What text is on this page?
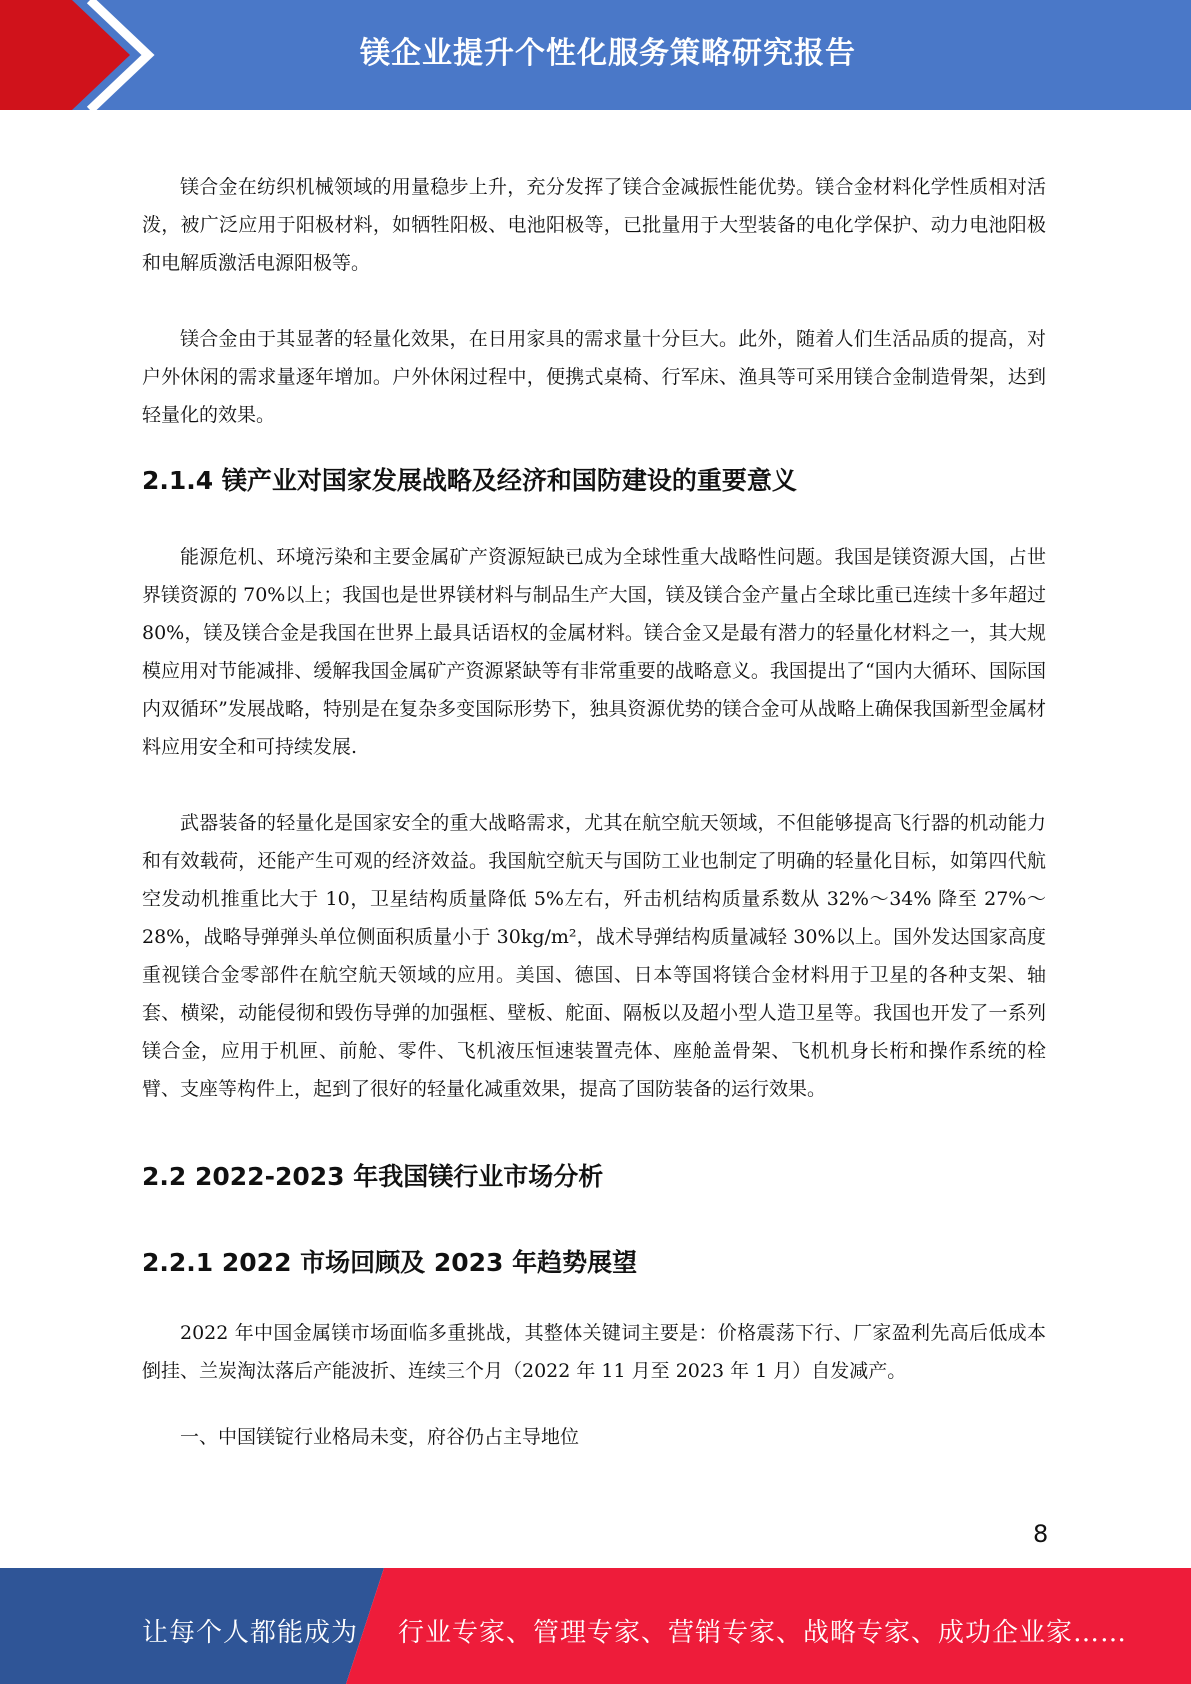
镁企业提升个性化服务策略研究报告

镁合金在纺织机械领域的用量稳步上升，充分发挥了镁合金减振性能优势。镁合金材料化学性质相对活泼，被广泛应用于阳极材料，如牺牲阳极、电池阳极等，已批量用于大型装备的电化学保护、动力电池阳极和电解质激活电源阳极等。

镁合金由于其显著的轻量化效果，在日用家具的需求量十分巨大。此外，随着人们生活品质的提高，对户外休闲的需求量逐年增加。户外休闲过程中，便携式桌椅、行军床、渔具等可采用镁合金制造骨架，达到轻量化的效果。

2.1.4 镁产业对国家发展战略及经济和国防建设的重要意义

能源危机、环境污染和主要金属矿产资源短缺已成为全球性重大战略性问题。我国是镁资源大国，占世界镁资源的 70%以上；我国也是世界镁材料与制品生产大国，镁及镁合金产量占全球比重已连续十多年超过 80%，镁及镁合金是我国在世界上最具话语权的金属材料。镁合金又是最有潜力的轻量化材料之一，其大规模应用对节能减排、缓解我国金属矿产资源紧缺等有非常重要的战略意义。我国提出了“国内大循环、国际国内双循环”发展战略，特别是在复杂多变国际形势下，独具资源优势的镁合金可从战略上确保我国新型金属材料应用安全和可持续发展.

武器装备的轻量化是国家安全的重大战略需求，尤其在航空航天领域，不但能够提高飞行器的机动能力和有效载荷，还能产生可观的经济效益。我国航空航天与国防工业也制定了明确的轻量化目标，如第四代航空发动机推重比大于 10，卫星结构质量降低 5%左右，歼击机结构质量系数从 32%～34% 降至 27%～28%，战略导弹弹头单位侧面积质量小于 30kg/m²，战术导弹结构质量减轻 30%以上。国外发达国家高度重视镁合金零部件在航空航天领域的应用。美国、德国、日本等国将镁合金材料用于卫星的各种支架、轴套、横梁，动能侵彻和毁伤导弹的加强框、壁板、舵面、隔板以及超小型人造卫星等。我国也开发了一系列镁合金，应用于机匣、前舱、零件、飞机液压恒速装置壳体、座舱盖骨架、飞机机身长桁和操作系统的栓臂、支座等构件上，起到了很好的轻量化减重效果，提高了国防装备的运行效果。

2.2 2022-2023 年我国镁行业市场分析
2.2.1 2022 市场回顾及 2023 年趋势展望

2022 年中国金属镁市场面临多重挑战，其整体关键词主要是：价格震荡下行、厂家盈利先高后低成本倒挂、兰炭淘汰落后产能波折、连续三个月（2022 年 11 月至 2023 年 1 月）自发减产。

一、中国镁锭行业格局未变，府谷仍占主导地位

8
让每个人都能成为 行业专家、管理专家、营销专家、战略专家、成功企业家……
